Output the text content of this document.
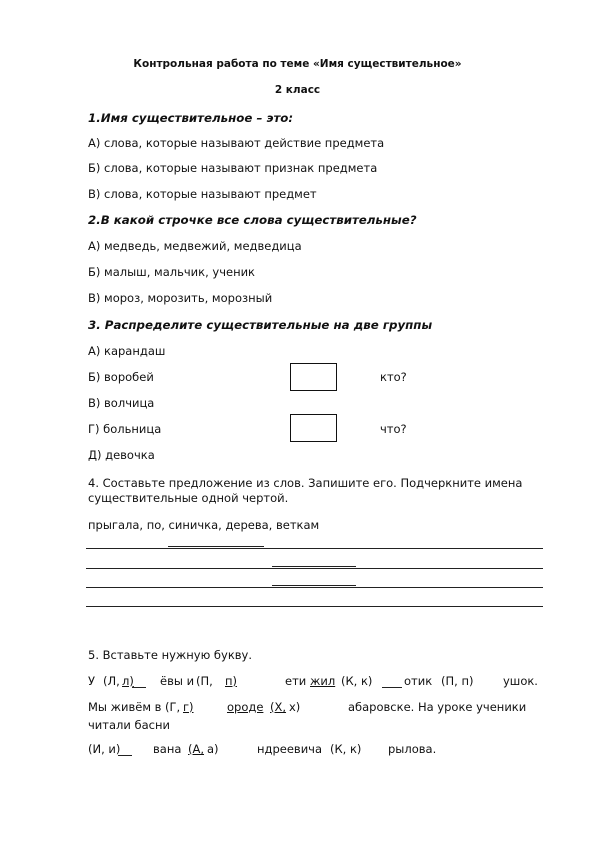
Контрольная работа по теме «Имя существительное»
2 класс
1.Имя существительное – это:
А) слова, которые называют действие предмета
Б) слова, которые называют признак предмета
В) слова, которые называют предмет
2.В какой строчке все слова существительные?
А) медведь, медвежий, медведица
Б) малыш, мальчик, ученик
В) мороз, морозить, морозный
3. Распределите существительные на две группы
А) карандаш
Б) воробей
В) волчица
Г) больница
Д) девочка
кто?
что?
4. Составьте предложение из слов. Запишите его. Подчеркните имена
существительные одной чертой.
прыгала, по, синичка, дерева, веткам
5. Вставьте нужную букву.
У (Л, л) ёвы и (П, п)	ети жил (К, к)	отик (П, п)	ушок.
Мы живём в (Г, г)	ороде (Х, х)	абаровске. На уроке ученики
читали басни
(И, и)	вана (А, а)	ндреевича (К, к) рылова.
